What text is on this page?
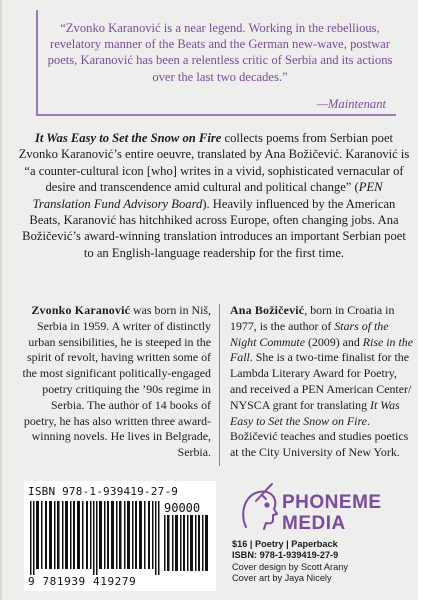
“Zvonko Karanović is a near legend. Working in the rebellious, revelatory manner of the Beats and the German new-wave, postwar poets, Karanović has been a relentless critic of Serbia and its actions over the last two decades.”
—Maintenant
It Was Easy to Set the Snow on Fire collects poems from Serbian poet Zvonko Karanović’s entire oeuvre, translated by Ana Božičević. Karanović is “a counter-cultural icon [who] writes in a vivid, sophisticated vernacular of desire and transcendence amid cultural and political change” (PEN Translation Fund Advisory Board). Heavily influenced by the American Beats, Karanović has hitchhiked across Europe, often changing jobs. Ana Božičević’s award-winning translation introduces an important Serbian poet to an English-language readership for the first time.
Zvonko Karanović was born in Niš, Serbia in 1959. A writer of distinctly urban sensibilities, he is steeped in the spirit of revolt, having written some of the most significant politically-engaged poetry critiquing the ’90s regime in Serbia. The author of 14 books of poetry, he has also written three award-winning novels. He lives in Belgrade, Serbia.
Ana Božičević, born in Croatia in 1977, is the author of Stars of the Night Commute (2009) and Rise in the Fall. She is a two-time finalist for the Lambda Literary Award for Poetry, and received a PEN American Center/ NYSCA grant for translating It Was Easy to Set the Snow on Fire. Božičević teaches and studies poetics at the City University of New York.
ISBN 978-1-939419-27-9
90000
9 781939 419279
PHONEME
MEDIA
$16 | Poetry | Paperback
ISBN: 978-1-939419-27-9
Cover design by Scott Arany
Cover art by Jaya Nicely
